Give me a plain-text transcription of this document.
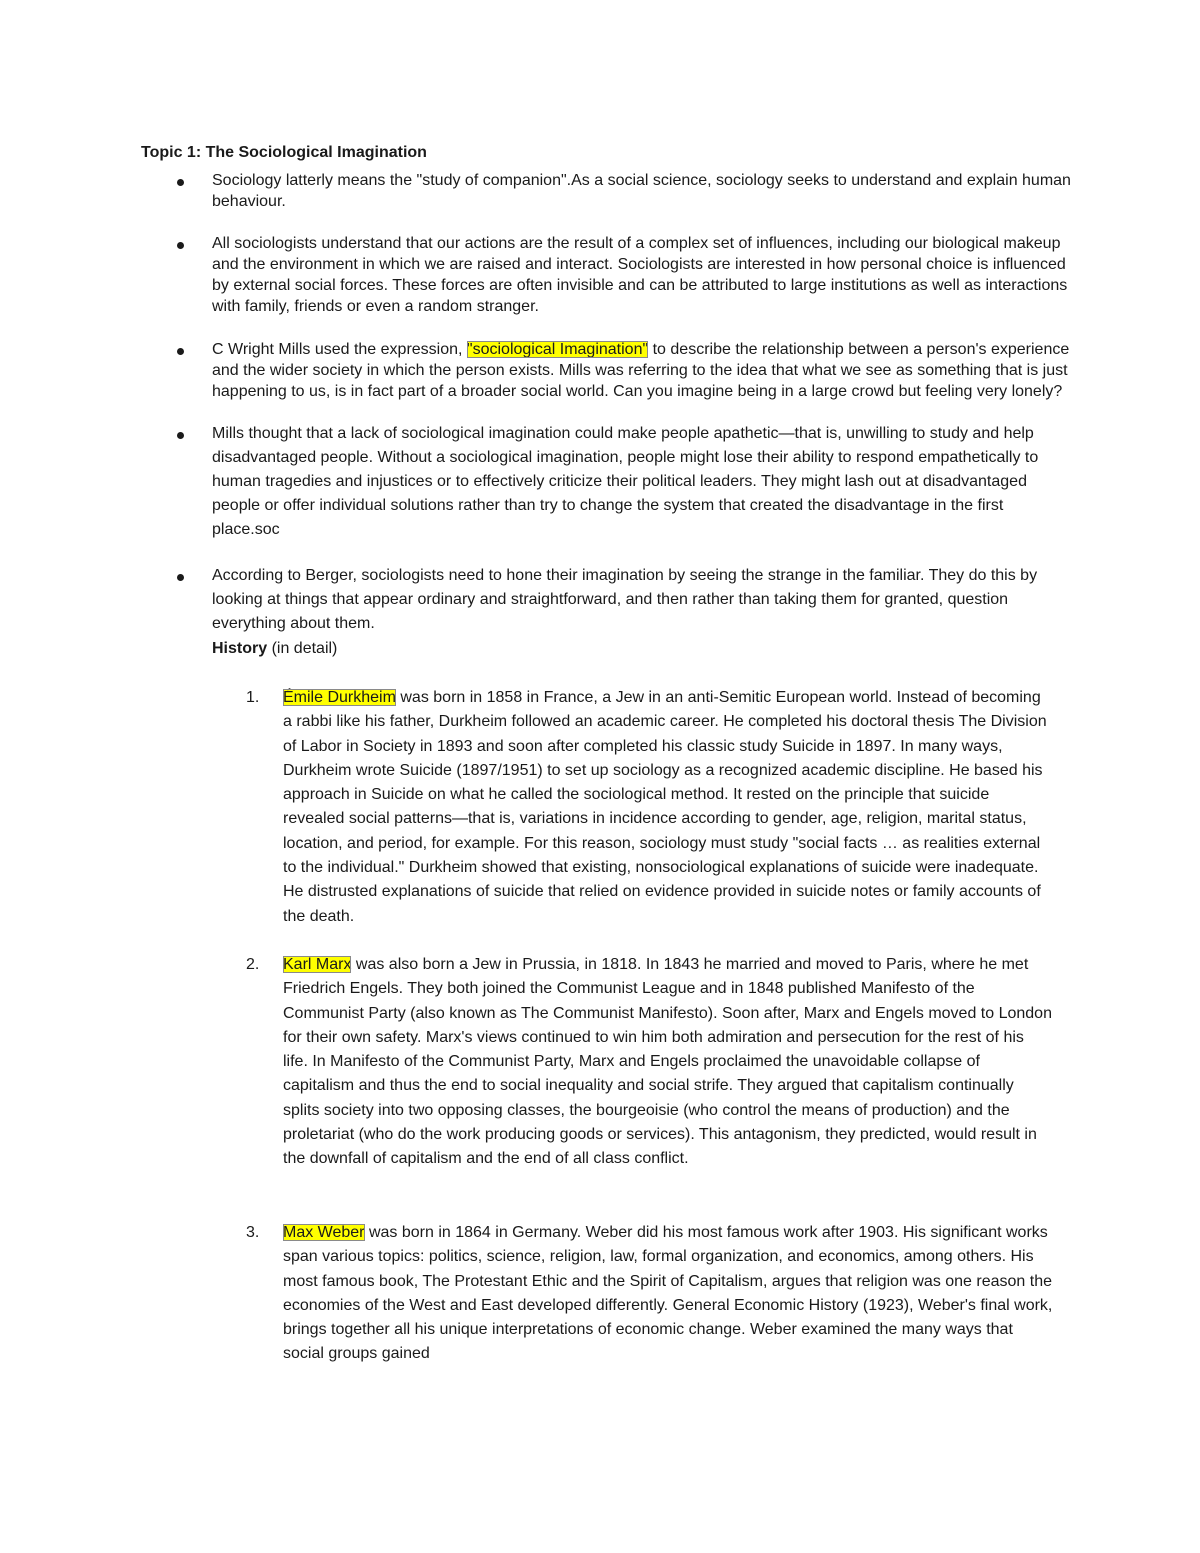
Topic 1: The Sociological Imagination
Sociology latterly means the "study of companion".As a social science, sociology seeks to understand and explain human behaviour.
All sociologists understand that our actions are the result of a complex set of influences, including our biological makeup and the environment in which we are raised and interact. Sociologists are interested in how personal choice is influenced by external social forces. These forces are often invisible and can be attributed to large institutions as well as interactions with family, friends or even a random stranger.
C Wright Mills used the expression, "sociological Imagination" to describe the relationship between a person's experience and the wider society in which the person exists. Mills was referring to the idea that what we see as something that is just happening to us, is in fact part of a broader social world. Can you imagine being in a large crowd but feeling very lonely?
Mills thought that a lack of sociological imagination could make people apathetic—that is, unwilling to study and help disadvantaged people. Without a sociological imagination, people might lose their ability to respond empathetically to human tragedies and injustices or to effectively criticize their political leaders. They might lash out at disadvantaged people or offer individual solutions rather than try to change the system that created the disadvantage in the first place.soc
According to Berger, sociologists need to hone their imagination by seeing the strange in the familiar. They do this by looking at things that appear ordinary and straightforward, and then rather than taking them for granted, question everything about them.
History (in detail)
1. Émile Durkheim was born in 1858 in France, a Jew in an anti-Semitic European world. Instead of becoming a rabbi like his father, Durkheim followed an academic career. He completed his doctoral thesis The Division of Labor in Society in 1893 and soon after completed his classic study Suicide in 1897. In many ways, Durkheim wrote Suicide (1897/1951) to set up sociology as a recognized academic discipline. He based his approach in Suicide on what he called the sociological method. It rested on the principle that suicide revealed social patterns—that is, variations in incidence according to gender, age, religion, marital status, location, and period, for example. For this reason, sociology must study "social facts … as realities external to the individual." Durkheim showed that existing, nonsociological explanations of suicide were inadequate. He distrusted explanations of suicide that relied on evidence provided in suicide notes or family accounts of the death.
2. Karl Marx was also born a Jew in Prussia, in 1818. In 1843 he married and moved to Paris, where he met Friedrich Engels. They both joined the Communist League and in 1848 published Manifesto of the Communist Party (also known as The Communist Manifesto). Soon after, Marx and Engels moved to London for their own safety. Marx's views continued to win him both admiration and persecution for the rest of his life. In Manifesto of the Communist Party, Marx and Engels proclaimed the unavoidable collapse of capitalism and thus the end to social inequality and social strife. They argued that capitalism continually splits society into two opposing classes, the bourgeoisie (who control the means of production) and the proletariat (who do the work producing goods or services). This antagonism, they predicted, would result in the downfall of capitalism and the end of all class conflict.
3. Max Weber was born in 1864 in Germany. Weber did his most famous work after 1903. His significant works span various topics: politics, science, religion, law, formal organization, and economics, among others. His most famous book, The Protestant Ethic and the Spirit of Capitalism, argues that religion was one reason the economies of the West and East developed differently. General Economic History (1923), Weber's final work, brings together all his unique interpretations of economic change. Weber examined the many ways that social groups gained
